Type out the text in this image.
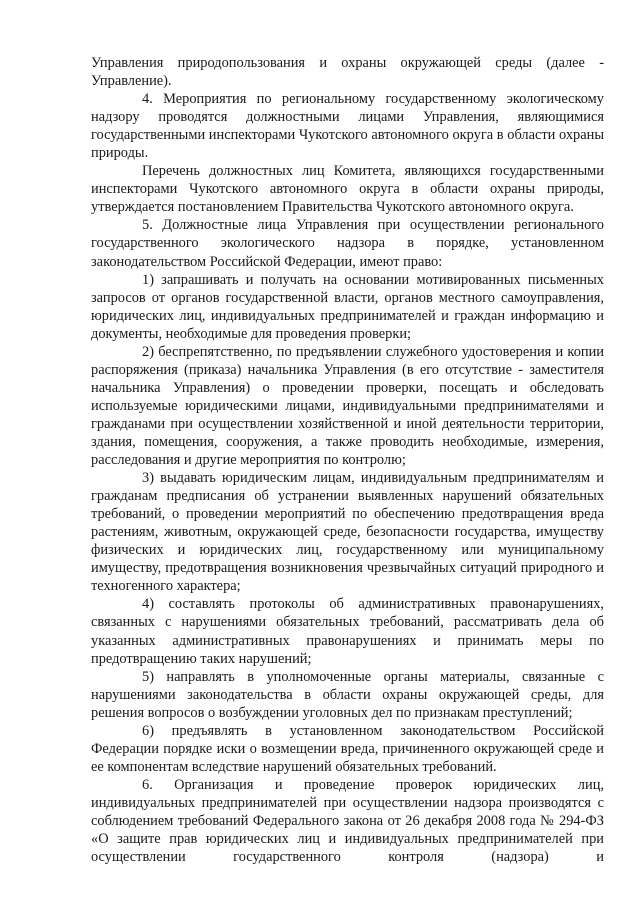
Управления природопользования и охраны окружающей среды (далее - Управление).

4. Мероприятия по региональному государственному экологическому надзору проводятся должностными лицами Управления, являющимися государственными инспекторами Чукотского автономного округа в области охраны природы.

Перечень должностных лиц Комитета, являющихся государственными инспекторами Чукотского автономного округа в области охраны природы, утверждается постановлением Правительства Чукотского автономного округа.

5. Должностные лица Управления при осуществлении регионального государственного экологического надзора в порядке, установленном законодательством Российской Федерации, имеют право:

1) запрашивать и получать на основании мотивированных письменных запросов от органов государственной власти, органов местного самоуправления, юридических лиц, индивидуальных предпринимателей и граждан информацию и документы, необходимые для проведения проверки;

2) беспрепятственно, по предъявлении служебного удостоверения и копии распоряжения (приказа) начальника Управления (в его отсутствие - заместителя начальника Управления) о проведении проверки, посещать и обследовать используемые юридическими лицами, индивидуальными предпринимателями и гражданами при осуществлении хозяйственной и иной деятельности территории, здания, помещения, сооружения, а также проводить необходимые, измерения, расследования и другие мероприятия по контролю;

3) выдавать юридическим лицам, индивидуальным предпринимателям и гражданам предписания об устранении выявленных нарушений обязательных требований, о проведении мероприятий по обеспечению предотвращения вреда растениям, животным, окружающей среде, безопасности государства, имуществу физических и юридических лиц, государственному или муниципальному имуществу, предотвращения возникновения чрезвычайных ситуаций природного и техногенного характера;

4) составлять протоколы об административных правонарушениях, связанных с нарушениями обязательных требований, рассматривать дела об указанных административных правонарушениях и принимать меры по предотвращению таких нарушений;

5) направлять в уполномоченные органы материалы, связанные с нарушениями законодательства в области охраны окружающей среды, для решения вопросов о возбуждении уголовных дел по признакам преступлений;

6) предъявлять в установленном законодательством Российской Федерации порядке иски о возмещении вреда, причиненного окружающей среде и ее компонентам вследствие нарушений обязательных требований.

6. Организация и проведение проверок юридических лиц, индивидуальных предпринимателей при осуществлении надзора производятся с соблюдением требований Федерального закона от 26 декабря 2008 года № 294-ФЗ «О защите прав юридических лиц и индивидуальных предпринимателей при осуществлении государственного контроля (надзора) и
